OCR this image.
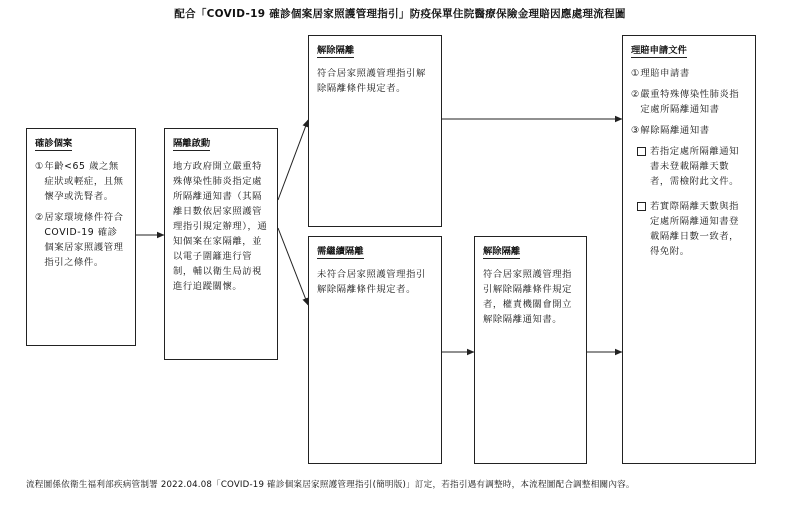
配合「COVID-19 確診個案居家照護管理指引」防疫保單住院醫療保險金理賠因應處理流程圖
確診個案
① 年齡<65 歲之無症狀或輕症，且無懷孕或洗腎者。
② 居家環境條件符合 COVID-19 確診個案居家照護管理指引之條件。
隔離啟動
地方政府開立嚴重特殊傳染性肺炎指定處所隔離通知書（其隔離日數依居家照護管理指引規定辦理），通知個案在家隔離，並以電子圍籬進行管制，輔以衛生局訪視進行追蹤關懷。
解除隔離
符合居家照護管理指引解除隔離條件規定者。
需繼續隔離
未符合居家照護管理指引解除隔離條件規定者。
解除隔離
符合居家照護管理指引解除隔離條件規定者，權責機關會開立解除隔離通知書。
理賠申請文件
① 理賠申請書
② 嚴重特殊傳染性肺炎指定處所隔離通知書
③ 解除隔離通知書
若指定處所隔離通知書未登載隔離天數者，需檢附此文件。
若實際隔離天數與指定處所隔離通知書登載隔離日數一致者，得免附。
流程圖係依衛生福利部疾病管制署 2022.04.08「COVID-19 確診個案居家照護管理指引(簡明版)」訂定，若指引遇有調整時，本流程圖配合調整相關內容。
